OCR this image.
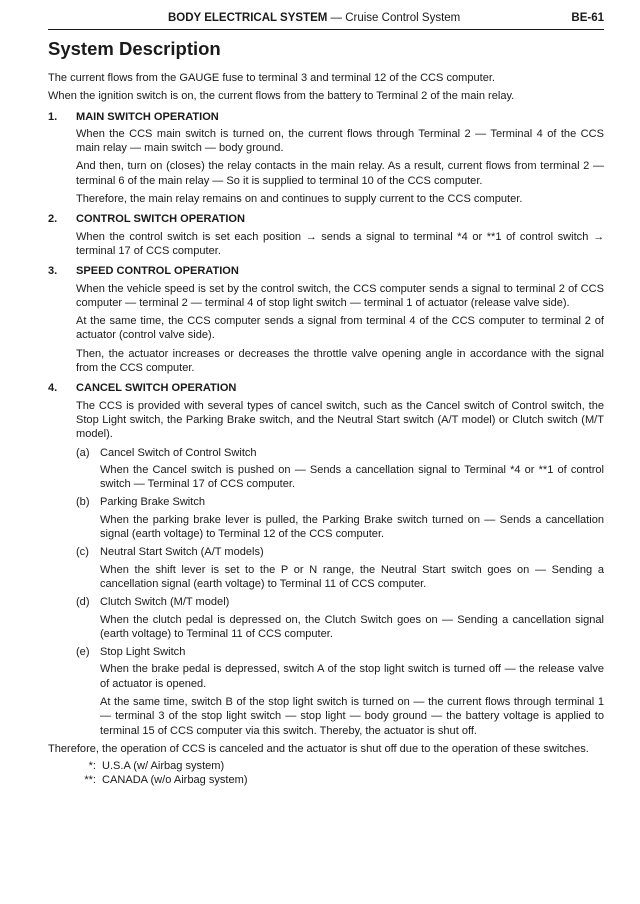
BODY ELECTRICAL SYSTEM — Cruise Control System	BE-61
System Description

The current flows from the GAUGE fuse to terminal 3 and terminal 12 of the CCS computer.

When the ignition switch is on, the current flows from the battery to Terminal 2 of the main relay.

1.	MAIN SWITCH OPERATION

When the CCS main switch is turned on, the current flows through Terminal 2 — Terminal 4 of the CCS main relay — main switch — body ground.

And then, turn on (closes) the relay contacts in the main relay. As a result, current flows from terminal 2 — terminal 6 of the main relay — So it is supplied to terminal 10 of the CCS computer.

Therefore, the main relay remains on and continues to supply current to the CCS computer.

2.	CONTROL SWITCH OPERATION

When the control switch is set each position → sends a signal to terminal *4 or **1 of control switch → terminal 17 of CCS computer.

3.	SPEED CONTROL OPERATION

When the vehicle speed is set by the control switch, the CCS computer sends a signal to terminal 2 of CCS computer — terminal 2 — terminal 4 of stop light switch — terminal 1 of actuator (release valve side).

At the same time, the CCS computer sends a signal from terminal 4 of the CCS computer to terminal 2 of actuator (control valve side).

Then, the actuator increases or decreases the throttle valve opening angle in accordance with the signal from the CCS computer.

4.	CANCEL SWITCH OPERATION

The CCS is provided with several types of cancel switch, such as the Cancel switch of Control switch, the Stop Light switch, the Parking Brake switch, and the Neutral Start switch (A/T model) or Clutch switch (M/T model).

(a) Cancel Switch of Control Switch

When the Cancel switch is pushed on — Sends a cancellation signal to Terminal *4 or **1 of control switch — Terminal 17 of CCS computer.

(b) Parking Brake Switch

When the parking brake lever is pulled, the Parking Brake switch turned on — Sends a cancellation signal (earth voltage) to Terminal 12 of the CCS computer.

(c)	Neutral Start Switch (A/T models)

When the shift lever is set to the P or N range, the Neutral Start switch goes on — Sending a cancellation signal (earth voltage) to Terminal 11 of CCS computer.

(d) Clutch Switch (M/T model)

When the clutch pedal is depressed on, the Clutch Switch goes on — Sending a cancellation signal (earth voltage) to Terminal 11 of CCS computer.

(e) Stop Light Switch

When the brake pedal is depressed, switch A of the stop light switch is turned off — the release valve of actuator is opened.

At the same time, switch B of the stop light switch is turned on — the current flows through terminal 1 — terminal 3 of the stop light switch — stop light — body ground — the battery voltage is applied to terminal 15 of CCS computer via this switch. Thereby, the actuator is shut off.

Therefore, the operation of CCS is canceled and the actuator is shut off due to the operation of these switches.

*: U.S.A (w/ Airbag system)
**: CANADA (w/o Airbag system)
